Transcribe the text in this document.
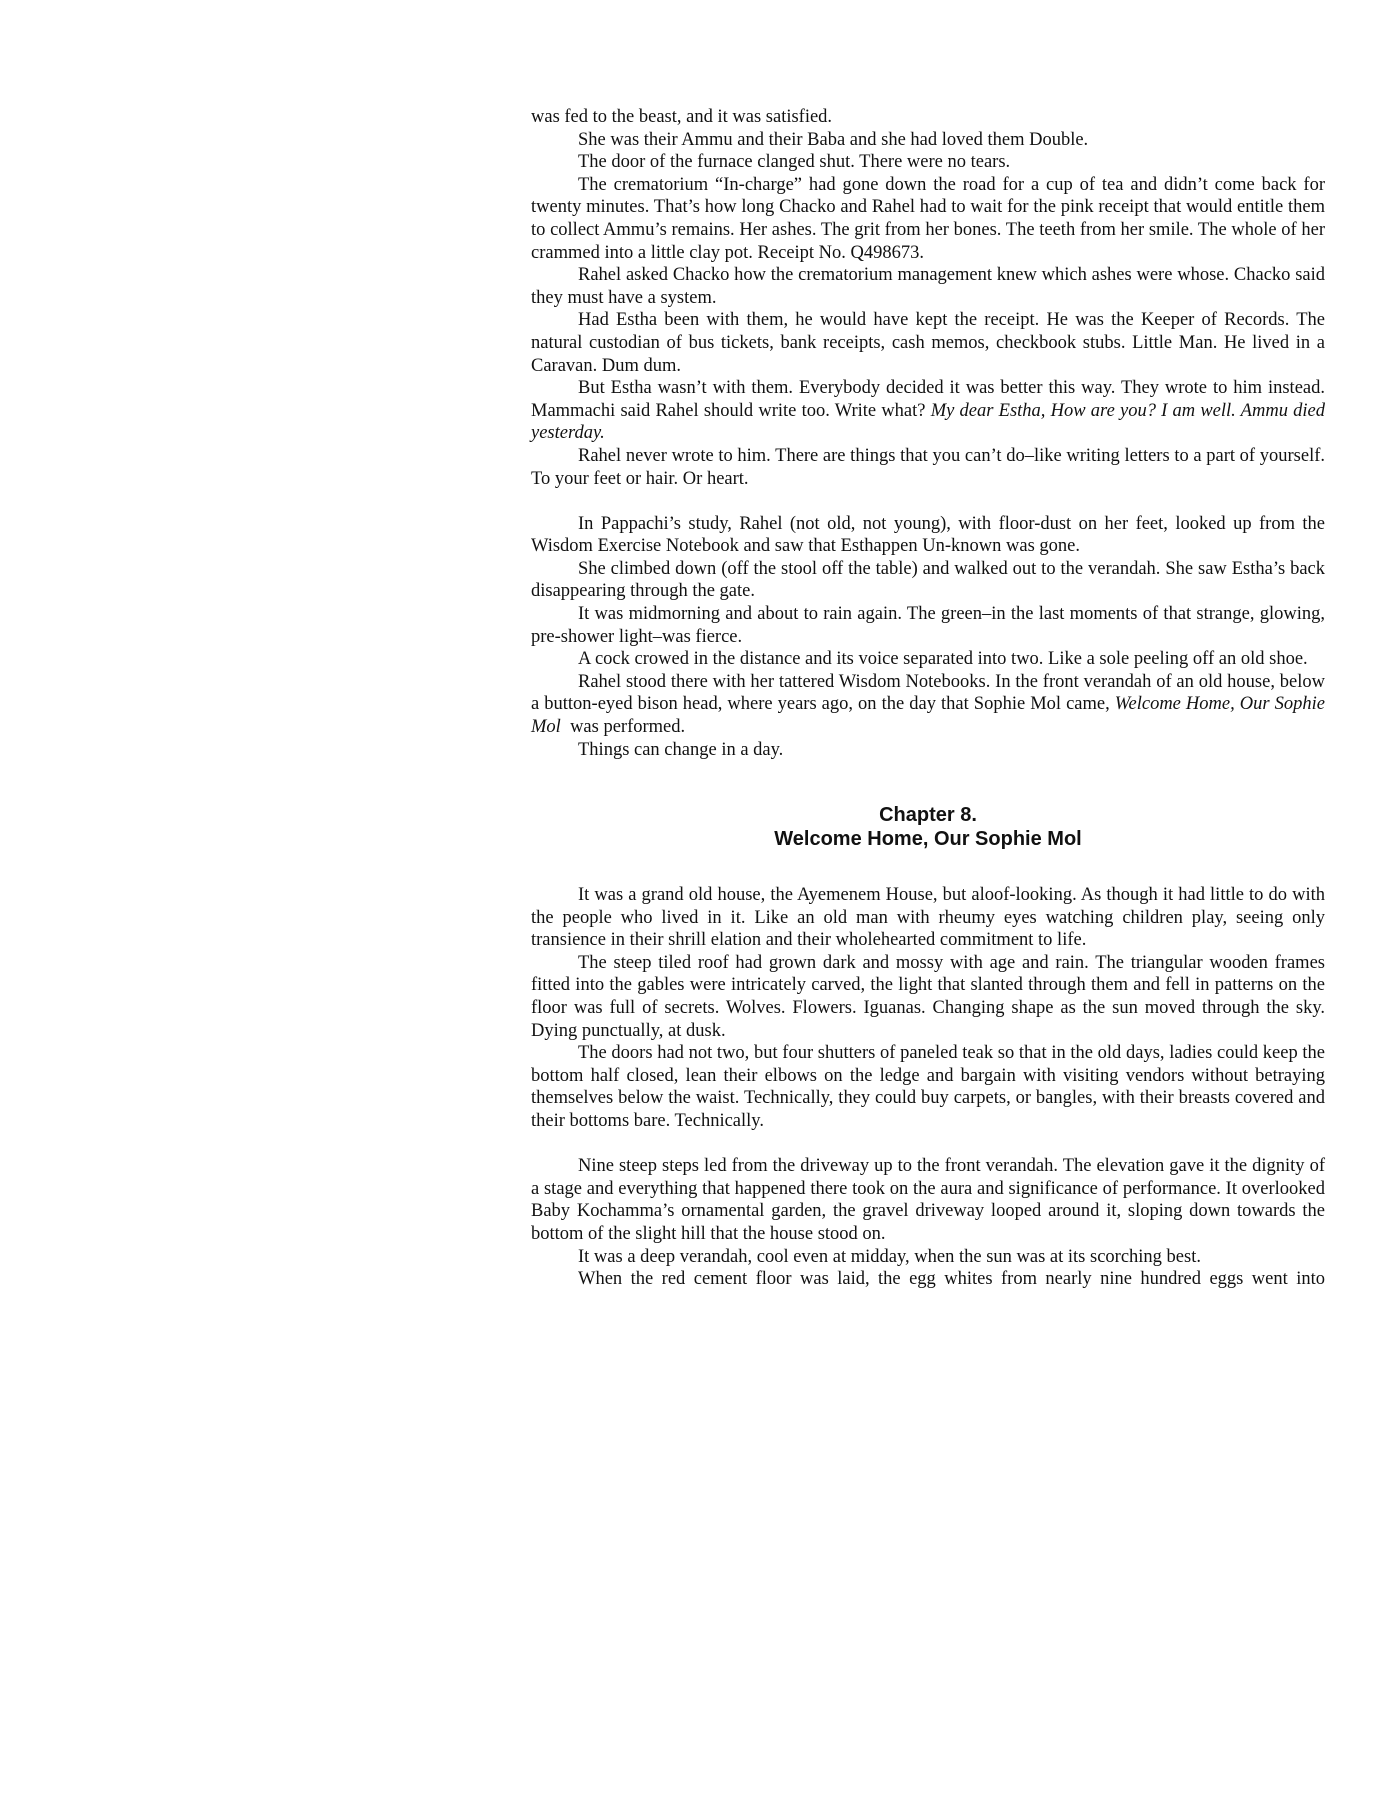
was fed to the beast, and it was satisfied.

She was their Ammu and their Baba and she had loved them Double.

The door of the furnace clanged shut. There were no tears.

The crematorium “In-charge” had gone down the road for a cup of tea and didn’t come back for twenty minutes. That’s how long Chacko and Rahel had to wait for the pink receipt that would entitle them to collect Ammu’s remains. Her ashes. The grit from her bones. The teeth from her smile. The whole of her crammed into a little clay pot. Receipt No. Q498673.

Rahel asked Chacko how the crematorium management knew which ashes were whose. Chacko said they must have a system.

Had Estha been with them, he would have kept the receipt. He was the Keeper of Records. The natural custodian of bus tickets, bank receipts, cash memos, checkbook stubs. Little Man. He lived in a Caravan. Dum dum.

But Estha wasn’t with them. Everybody decided it was better this way. They wrote to him instead. Mammachi said Rahel should write too. Write what? My dear Estha, How are you? I am well. Ammu died yesterday.

Rahel never wrote to him. There are things that you can’t do–like writing letters to a part of yourself. To your feet or hair. Or heart.

In Pappachi’s study, Rahel (not old, not young), with floor-dust on her feet, looked up from the Wisdom Exercise Notebook and saw that Esthappen Un-known was gone.

She climbed down (off the stool off the table) and walked out to the verandah. She saw Estha’s back disappearing through the gate.

It was midmorning and about to rain again. The green–in the last moments of that strange, glowing, pre-shower light–was fierce.

A cock crowed in the distance and its voice separated into two. Like a sole peeling off an old shoe.

Rahel stood there with her tattered Wisdom Notebooks. In the front verandah of an old house, below a button-eyed bison head, where years ago, on the day that Sophie Mol came, Welcome Home, Our Sophie Mol  was performed.

Things can change in a day.

Chapter 8.
Welcome Home, Our Sophie Mol

It was a grand old house, the Ayemenem House, but aloof-looking. As though it had little to do with the people who lived in it. Like an old man with rheumy eyes watching children play, seeing only transience in their shrill elation and their wholehearted commitment to life.

The steep tiled roof had grown dark and mossy with age and rain. The triangular wooden frames fitted into the gables were intricately carved, the light that slanted through them and fell in patterns on the floor was full of secrets. Wolves. Flowers. Iguanas. Changing shape as the sun moved through the sky. Dying punctually, at dusk.

The doors had not two, but four shutters of paneled teak so that in the old days, ladies could keep the bottom half closed, lean their elbows on the ledge and bargain with visiting vendors without betraying themselves below the waist. Technically, they could buy carpets, or bangles, with their breasts covered and their bottoms bare. Technically.

Nine steep steps led from the driveway up to the front verandah. The elevation gave it the dignity of a stage and everything that happened there took on the aura and significance of performance. It overlooked Baby Kochamma’s ornamental garden, the gravel driveway looped around it, sloping down towards the bottom of the slight hill that the house stood on.

It was a deep verandah, cool even at midday, when the sun was at its scorching best.

When the red cement floor was laid, the egg whites from nearly nine hundred eggs went into
